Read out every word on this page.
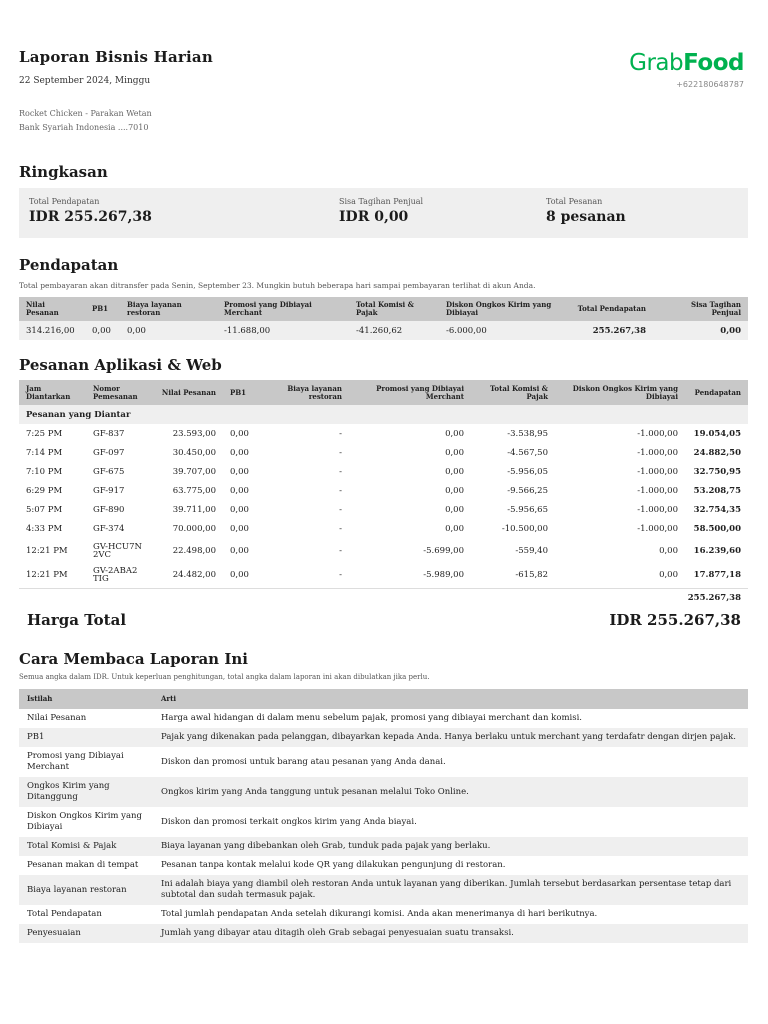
Laporan Bisnis Harian
22 September 2024, Minggu
Rocket Chicken - Parakan Wetan
Bank Syariah Indonesia ....7010
Grab Food
+622180648787
Ringkasan
Total Pendapatan
IDR 255.267,38
Sisa Tagihan Penjual
IDR 0,00
Total Pesanan
8 pesanan
Pendapatan
Total pembayaran akan ditransfer pada Senin, September 23. Mungkin butuh beberapa hari sampai pembayaran terlihat di akun Anda.
Nilai Pesanan	PB1	Biaya layanan restoran	Promosi yang Dibiayai Merchant	Total Komisi & Pajak	Diskon Ongkos Kirim yang Dibiayai	Total Pendapatan	Sisa Tagihan Penjual
314.216,00	0,00	0,00	-11.688,00	-41.260,62	-6.000,00	255.267,38	0,00
Pesanan Aplikasi & Web
Jam Diantarkan	Nomor Pemesanan	Nilai Pesanan	PB1	Biaya layanan restoran	Promosi yang Dibiayai Merchant	Total Komisi & Pajak	Diskon Ongkos Kirim yang Dibiayai	Pendapatan
Pesanan yang Diantar								
7:25 PM	GF-837	23.593,00	0,00	-	0,00	-3.538,95	-1.000,00	19.054,05
7:14 PM	GF-097	30.450,00	0,00	-	0,00	-4.567,50	-1.000,00	24.882,50
7:10 PM	GF-675	39.707,00	0,00	-	0,00	-5.956,05	-1.000,00	32.750,95
6:29 PM	GF-917	63.775,00	0,00	-	0,00	-9.566,25	-1.000,00	53.208,75
5:07 PM	GF-890	39.711,00	0,00	-	0,00	-5.956,65	-1.000,00	32.754,35
4:33 PM	GF-374	70.000,00	0,00	-	0,00	-10.500,00	-1.000,00	58.500,00
12:21 PM	GV-HCU7N2VC	22.498,00	0,00	-	-5.699,00	-559,40	0,00	16.239,60
12:21 PM	GV-2ABA2TIG	24.482,00	0,00	-	-5.989,00	-615,82	0,00	17.877,18
255.267,38								
Harga Total	IDR 255.267,38
Cara Membaca Laporan Ini
Semua angka dalam IDR. Untuk keperluan penghitungan, total angka dalam laporan ini akan dibulatkan jika perlu.
Istilah	Arti
Nilai Pesanan	Harga awal hidangan di dalam menu sebelum pajak, promosi yang dibiayai merchant dan komisi.
PB1	Pajak yang dikenakan pada pelanggan, dibayarkan kepada Anda. Hanya berlaku untuk merchant yang terdafatr dengan dirjen pajak.
Promosi yang Dibiayai Merchant	Diskon dan promosi untuk barang atau pesanan yang Anda danai.
Ongkos Kirim yang Ditanggung	Ongkos kirim yang Anda tanggung untuk pesanan melalui Toko Online.
Diskon Ongkos Kirim yang Dibiayai	Diskon dan promosi terkait ongkos kirim yang Anda biayai.
Total Komisi & Pajak	Biaya layanan yang dibebankan oleh Grab, tunduk pada pajak yang berlaku.
Pesanan makan di tempat	Pesanan tanpa kontak melalui kode QR yang dilakukan pengunjung di restoran.
Biaya layanan restoran	Ini adalah biaya yang diambil oleh restoran Anda untuk layanan yang diberikan. Jumlah tersebut berdasarkan persentase tetap dari subtotal dan sudah termasuk pajak.
Total Pendapatan	Total jumlah pendapatan Anda setelah dikurangi komisi. Anda akan menerimanya di hari berikutnya.
Penyesuaian	Jumlah yang dibayar atau ditagih oleh Grab sebagai penyesuaian suatu transaksi.
